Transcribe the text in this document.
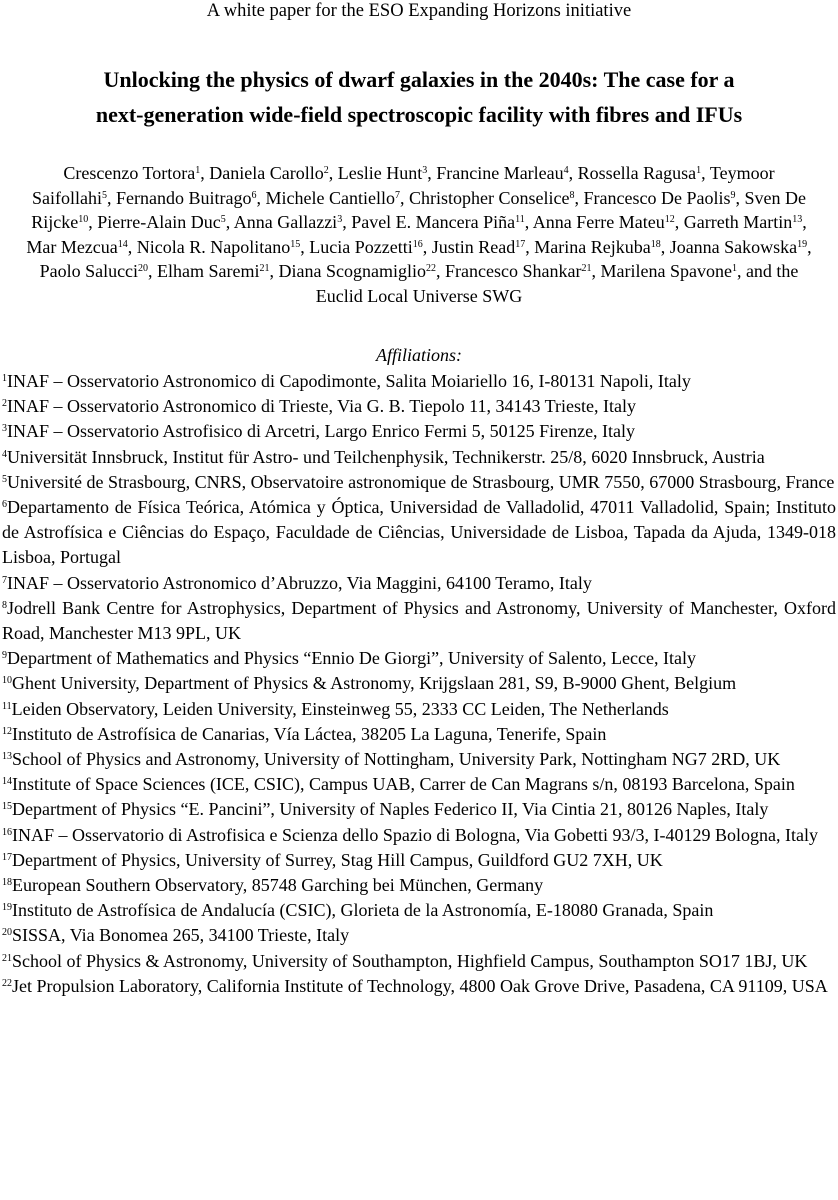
A white paper for the ESO Expanding Horizons initiative
Unlocking the physics of dwarf galaxies in the 2040s: The case for a
next-generation wide-field spectroscopic facility with fibres and IFUs
Crescenzo Tortora$^1$, Daniela Carollo$^2$, Leslie Hunt$^3$, Francine Marleau$^4$, Rossella Ragusa$^1$, Teymoor Saifollahi$^5$, Fernando Buitrago$^6$, Michele Cantiello$^7$, Christopher Conselice$^8$, Francesco De Paolis$^9$, Sven De Rijcke$^{10}$, Pierre-Alain Duc$^5$, Anna Gallazzi$^3$, Pavel E. Mancera Piña$^{11}$, Anna Ferre Mateu$^{12}$, Garreth Martin$^{13}$, Mar Mezcua$^{14}$, Nicola R. Napolitano$^{15}$, Lucia Pozzetti$^{16}$, Justin Read$^{17}$, Marina Rejkuba$^{18}$, Joanna Sakowska$^{19}$, Paolo Salucci$^{20}$, Elham Saremi$^{21}$, Diana Scognamiglio$^{22}$, Francesco Shankar$^{21}$, Marilena Spavone$^1$, and the Euclid Local Universe SWG
Affiliations:

$^1$INAF – Osservatorio Astronomico di Capodimonte, Salita Moiariello 16, I-80131 Napoli, Italy

$^2$INAF – Osservatorio Astronomico di Trieste, Via G. B. Tiepolo 11, 34143 Trieste, Italy

$^3$INAF – Osservatorio Astrofisico di Arcetri, Largo Enrico Fermi 5, 50125 Firenze, Italy

$^4$Universität Innsbruck, Institut für Astro- und Teilchenphysik, Technikerstr. 25/8, 6020 Innsbruck, Austria

$^5$Université de Strasbourg, CNRS, Observatoire astronomique de Strasbourg, UMR 7550, 67000 Strasbourg, France

$^6$Departamento de Física Teórica, Atómica y Óptica, Universidad de Valladolid, 47011 Valladolid, Spain; Instituto de Astrofísica e Ciências do Espaço, Faculdade de Ciências, Universidade de Lisboa, Tapada da Ajuda, 1349-018 Lisboa, Portugal

$^7$INAF – Osservatorio Astronomico d’Abruzzo, Via Maggini, 64100 Teramo, Italy

$^8$Jodrell Bank Centre for Astrophysics, Department of Physics and Astronomy, University of Manchester, Oxford Road, Manchester M13 9PL, UK

$^9$Department of Mathematics and Physics “Ennio De Giorgi”, University of Salento, Lecce, Italy

$^{10}$Ghent University, Department of Physics & Astronomy, Krijgslaan 281, S9, B-9000 Ghent, Belgium

$^{11}$Leiden Observatory, Leiden University, Einsteinweg 55, 2333 CC Leiden, The Netherlands

$^{12}$Instituto de Astrofísica de Canarias, Vía Láctea, 38205 La Laguna, Tenerife, Spain

$^{13}$School of Physics and Astronomy, University of Nottingham, University Park, Nottingham NG7 2RD, UK

$^{14}$Institute of Space Sciences (ICE, CSIC), Campus UAB, Carrer de Can Magrans s/n, 08193 Barcelona, Spain

$^{15}$Department of Physics “E. Pancini”, University of Naples Federico II, Via Cintia 21, 80126 Naples, Italy

$^{16}$INAF – Osservatorio di Astrofisica e Scienza dello Spazio di Bologna, Via Gobetti 93/3, I-40129 Bologna, Italy

$^{17}$Department of Physics, University of Surrey, Stag Hill Campus, Guildford GU2 7XH, UK

$^{18}$European Southern Observatory, 85748 Garching bei München, Germany

$^{19}$Instituto de Astrofísica de Andalucía (CSIC), Glorieta de la Astronomía, E-18080 Granada, Spain

$^{20}$SISSA, Via Bonomea 265, 34100 Trieste, Italy

$^{21}$School of Physics & Astronomy, University of Southampton, Highfield Campus, Southampton SO17 1BJ, UK

$^{22}$Jet Propulsion Laboratory, California Institute of Technology, 4800 Oak Grove Drive, Pasadena, CA 91109, USA
